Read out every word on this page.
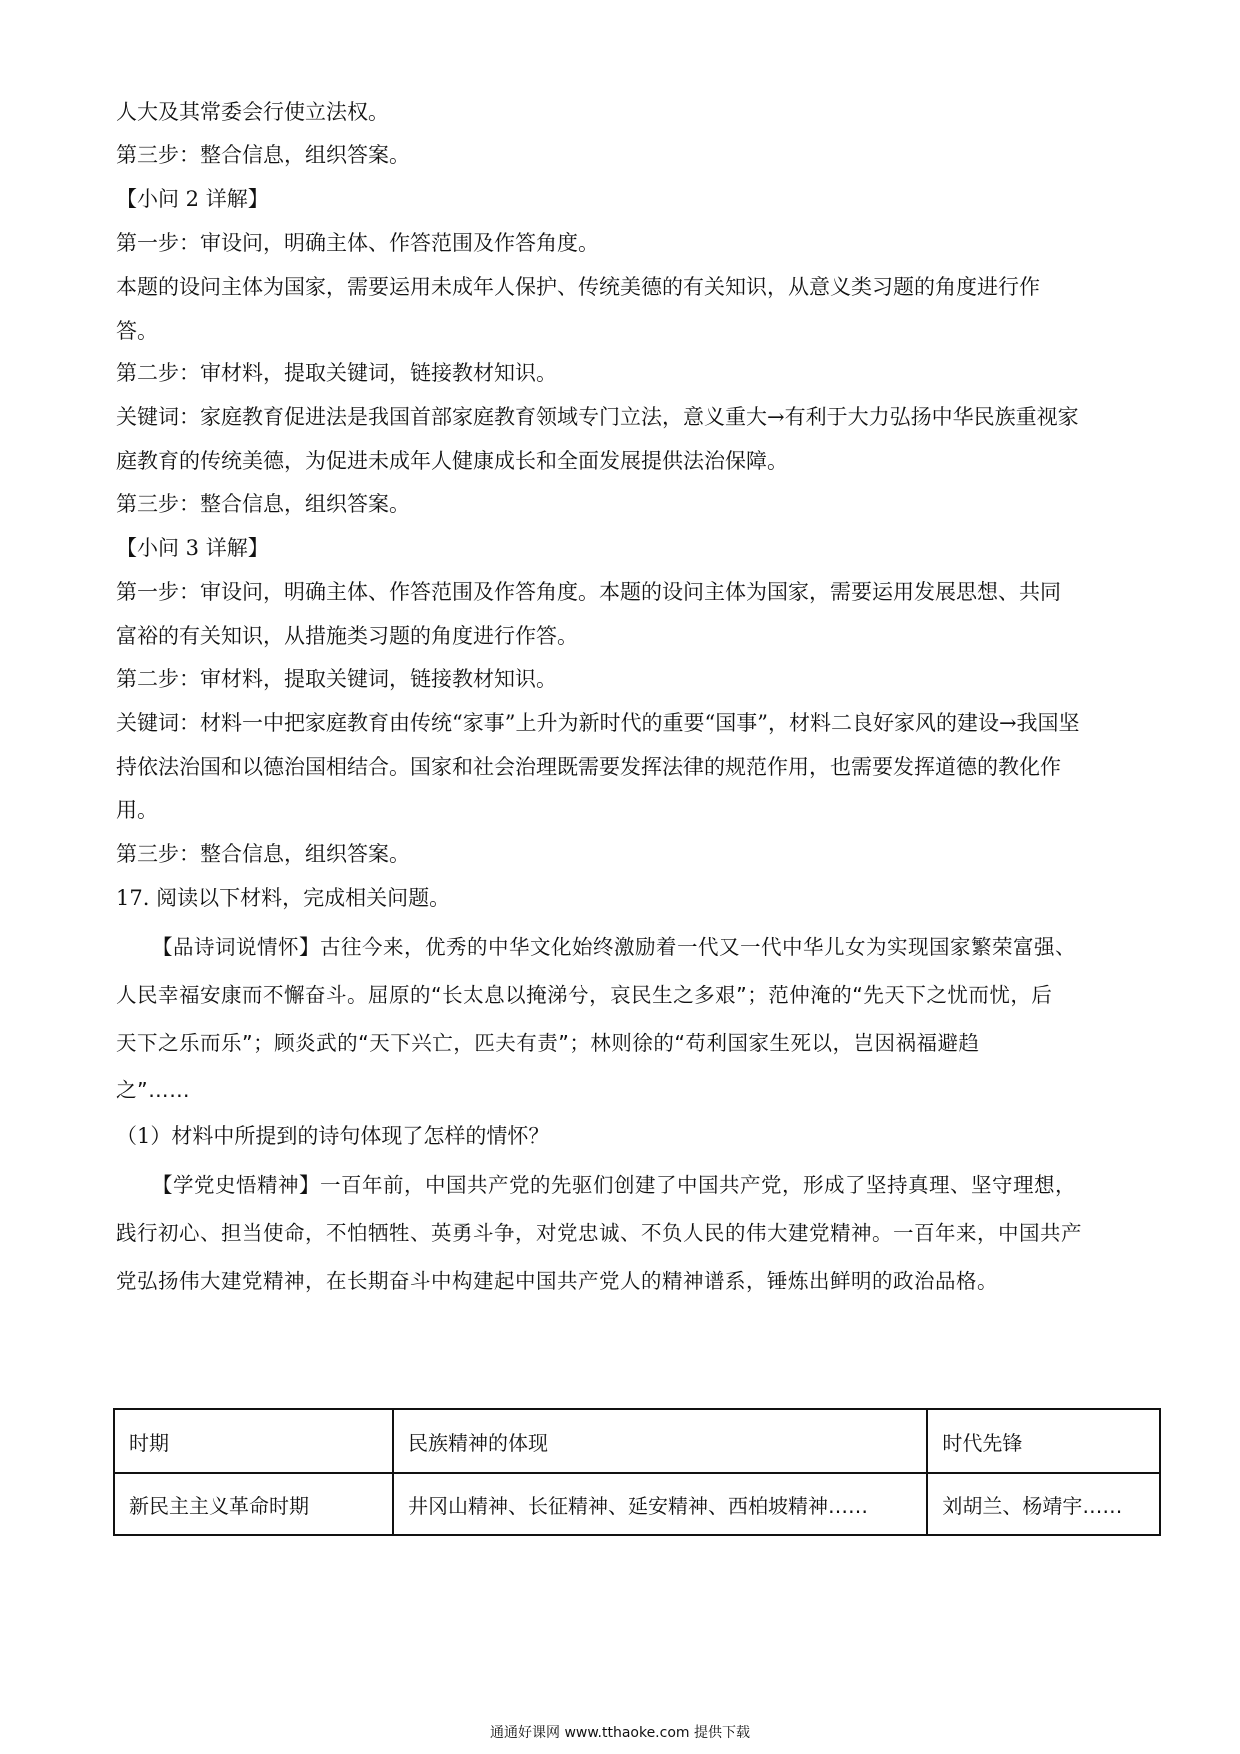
人大及其常委会行使立法权。
第三步：整合信息，组织答案。
【小问 2 详解】
第一步：审设问，明确主体、作答范围及作答角度。
本题的设问主体为国家，需要运用未成年人保护、传统美德的有关知识，从意义类习题的角度进行作
答。
第二步：审材料，提取关键词，链接教材知识。
关键词：家庭教育促进法是我国首部家庭教育领域专门立法，意义重大→有利于大力弘扬中华民族重视家
庭教育的传统美德，为促进未成年人健康成长和全面发展提供法治保障。
第三步：整合信息，组织答案。
【小问 3 详解】
第一步：审设问，明确主体、作答范围及作答角度。本题的设问主体为国家，需要运用发展思想、共同
富裕的有关知识，从措施类习题的角度进行作答。
第二步：审材料，提取关键词，链接教材知识。
关键词：材料一中把家庭教育由传统“家事”上升为新时代的重要“国事”，材料二良好家风的建设→我国坚
持依法治国和以德治国相结合。国家和社会治理既需要发挥法律的规范作用，也需要发挥道德的教化作
用。
第三步：整合信息，组织答案。
17. 阅读以下材料，完成相关问题。
【品诗词说情怀】古往今来，优秀的中华文化始终激励着一代又一代中华儿女为实现国家繁荣富强、
人民幸福安康而不懈奋斗。屈原的“长太息以掩涕兮，哀民生之多艰”；范仲淹的“先天下之忧而忧，后
天下之乐而乐”；顾炎武的“天下兴亡，匹夫有责”；林则徐的“苟利国家生死以，岂因祸福避趋
之”……
（1）材料中所提到的诗句体现了怎样的情怀？
【学党史悟精神】一百年前，中国共产党的先驱们创建了中国共产党，形成了坚持真理、坚守理想，
践行初心、担当使命，不怕牺牲、英勇斗争，对党忠诚、不负人民的伟大建党精神。一百年来，中国共产
党弘扬伟大建党精神，在长期奋斗中构建起中国共产党人的精神谱系，锤炼出鲜明的政治品格。
时期	民族精神的体现	时代先锋
新民主主义革命时期	井冈山精神、长征精神、延安精神、西柏坡精神……	刘胡兰、杨靖宇……
通通好课网 www.tthaoke.com 提供下载
